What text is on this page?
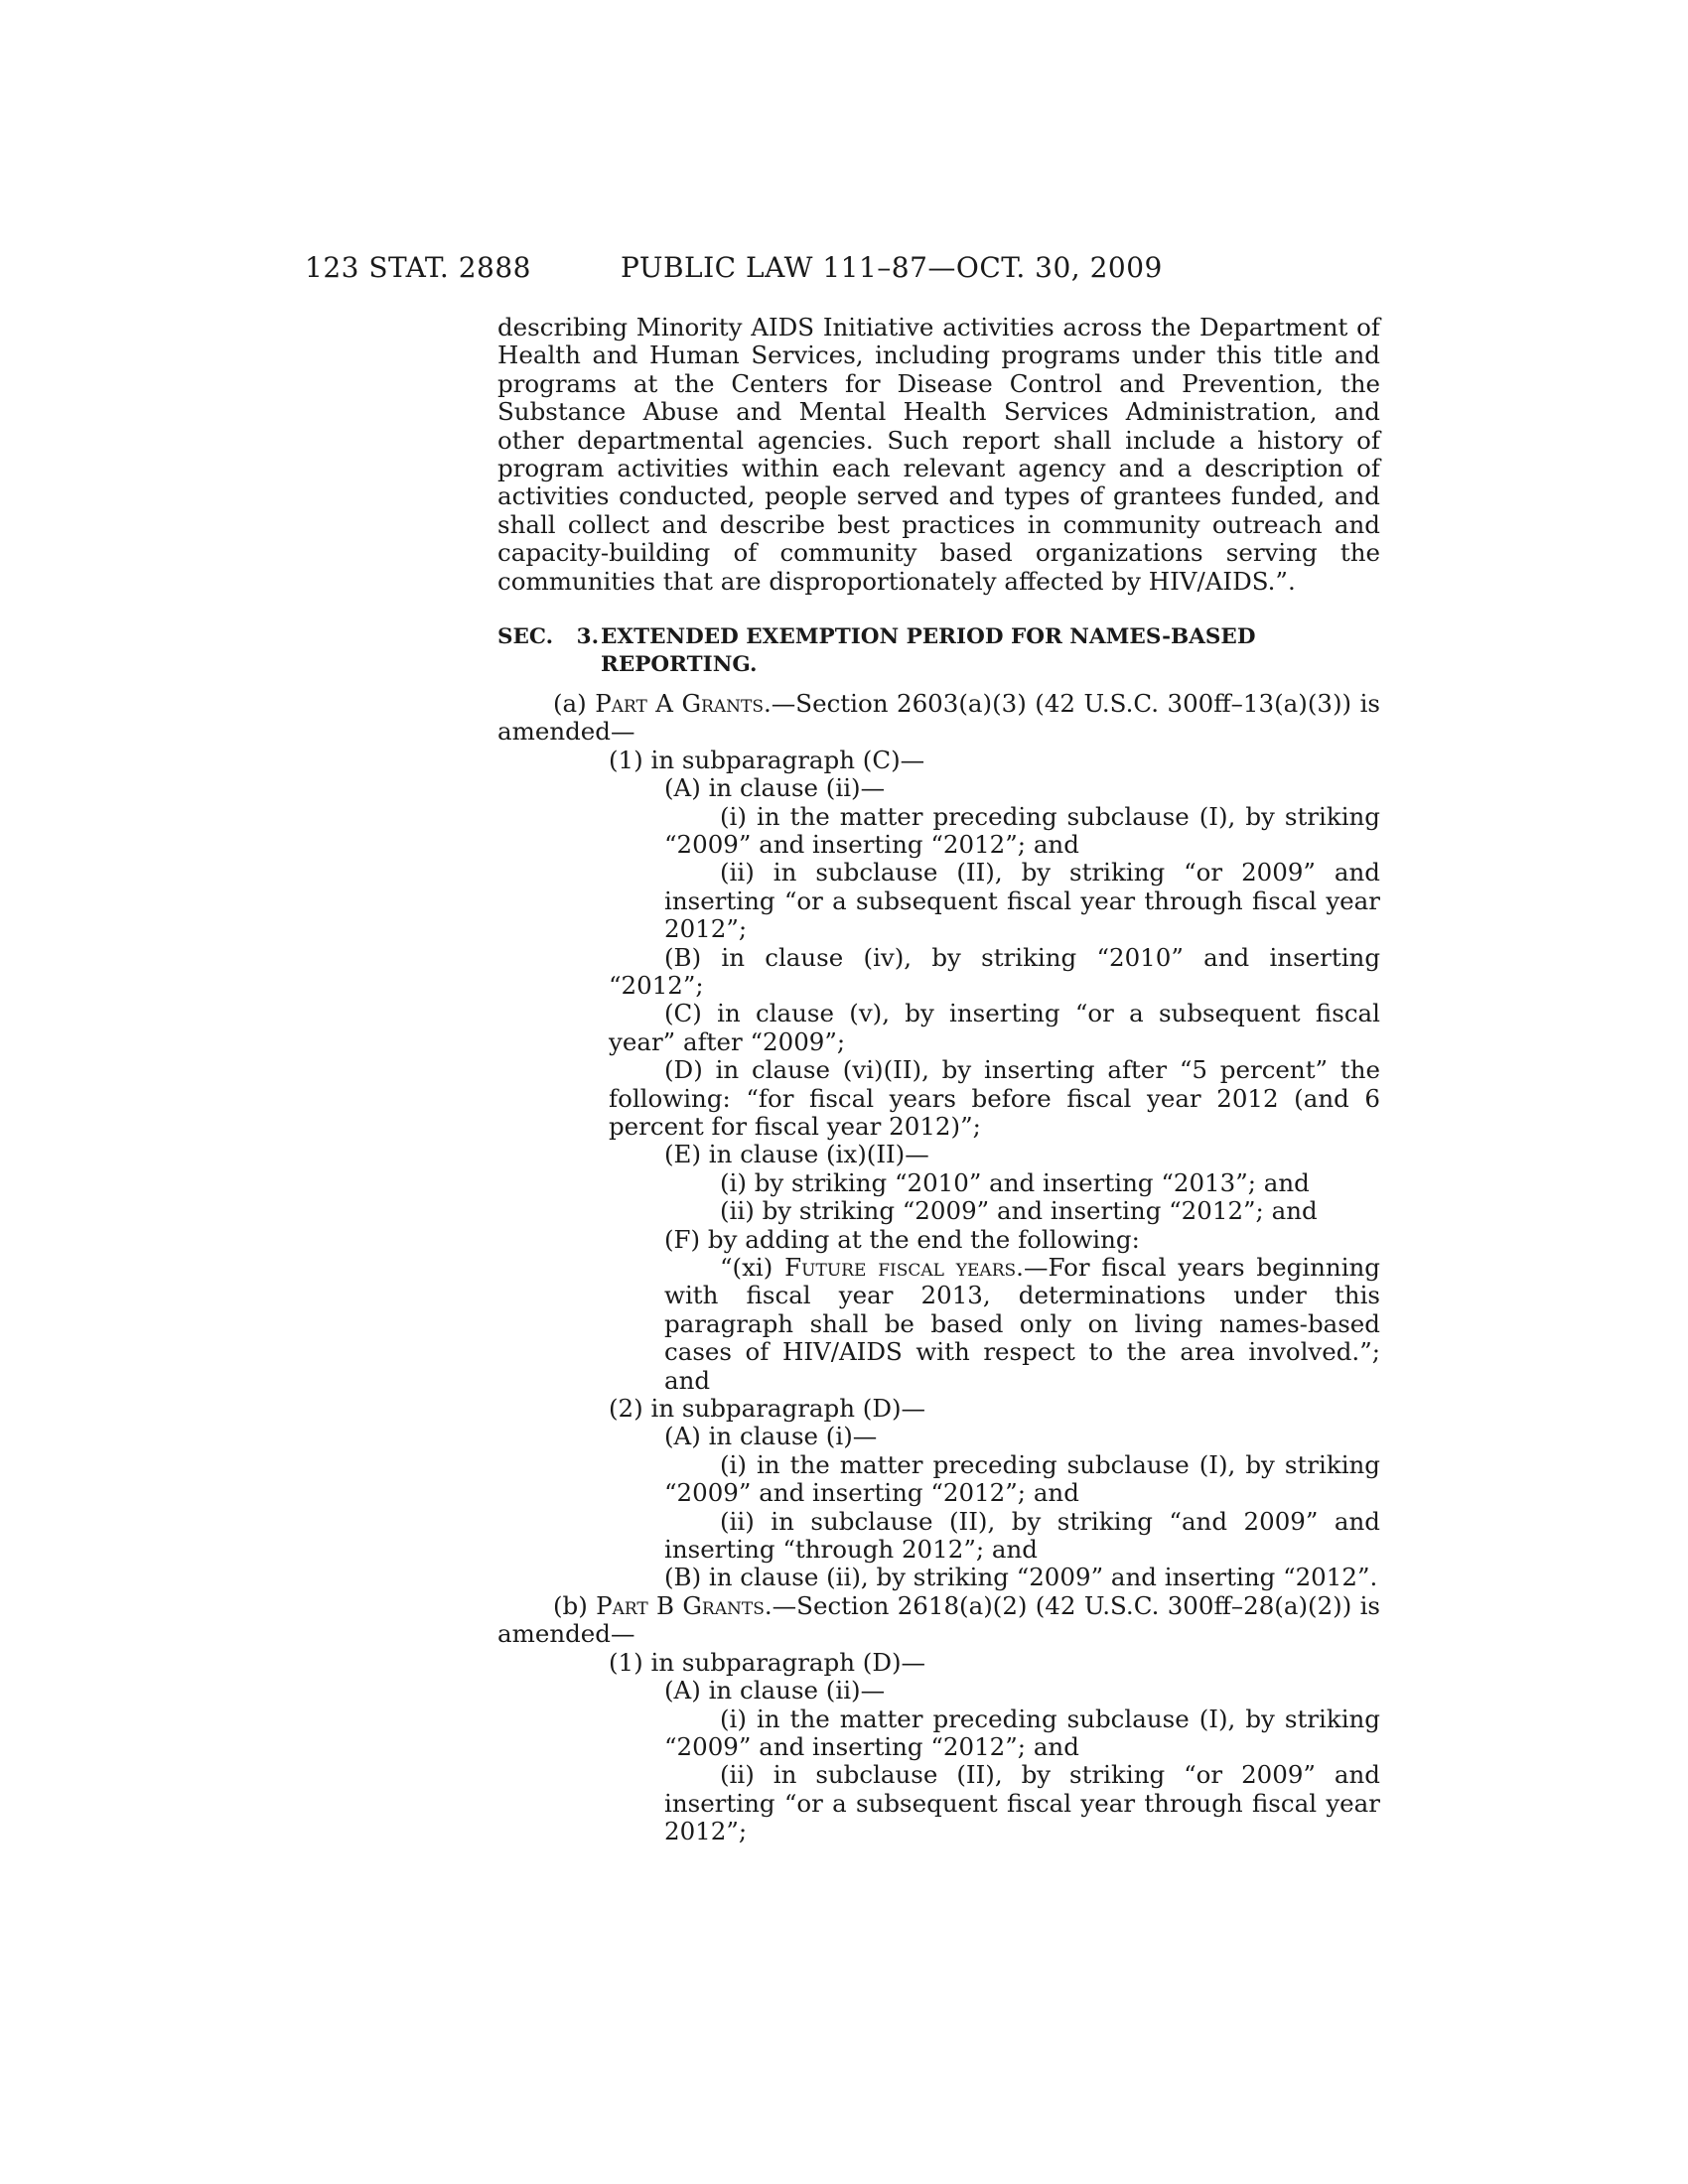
123 STAT. 2888	PUBLIC LAW 111–87—OCT. 30, 2009
describing Minority AIDS Initiative activities across the Department of Health and Human Services, including programs under this title and programs at the Centers for Disease Control and Prevention, the Substance Abuse and Mental Health Services Administration, and other departmental agencies. Such report shall include a history of program activities within each relevant agency and a description of activities conducted, people served and types of grantees funded, and shall collect and describe best practices in community outreach and capacity-building of community based organizations serving the communities that are disproportionately affected by HIV/AIDS.”.
SEC. 3. EXTENDED EXEMPTION PERIOD FOR NAMES-BASED REPORTING.
(a) Part A Grants.—Section 2603(a)(3) (42 U.S.C. 300ff–13(a)(3)) is amended—
(1) in subparagraph (C)—
(A) in clause (ii)—
(i) in the matter preceding subclause (I), by striking “2009” and inserting “2012”; and
(ii) in subclause (II), by striking “or 2009” and inserting “or a subsequent fiscal year through fiscal year 2012”;
(B) in clause (iv), by striking “2010” and inserting “2012”;
(C) in clause (v), by inserting “or a subsequent fiscal year” after “2009”;
(D) in clause (vi)(II), by inserting after “5 percent” the following: “for fiscal years before fiscal year 2012 (and 6 percent for fiscal year 2012)”;
(E) in clause (ix)(II)—
(i) by striking “2010” and inserting “2013”; and
(ii) by striking “2009” and inserting “2012”; and
(F) by adding at the end the following:
“(xi) Future fiscal years.—For fiscal years beginning with fiscal year 2013, determinations under this paragraph shall be based only on living names-based cases of HIV/AIDS with respect to the area involved.”; and
(2) in subparagraph (D)—
(A) in clause (i)—
(i) in the matter preceding subclause (I), by striking “2009” and inserting “2012”; and
(ii) in subclause (II), by striking “and 2009” and inserting “through 2012”; and
(B) in clause (ii), by striking “2009” and inserting “2012”.
(b) Part B Grants.—Section 2618(a)(2) (42 U.S.C. 300ff–28(a)(2)) is amended—
(1) in subparagraph (D)—
(A) in clause (ii)—
(i) in the matter preceding subclause (I), by striking “2009” and inserting “2012”; and
(ii) in subclause (II), by striking “or 2009” and inserting “or a subsequent fiscal year through fiscal year 2012”;
